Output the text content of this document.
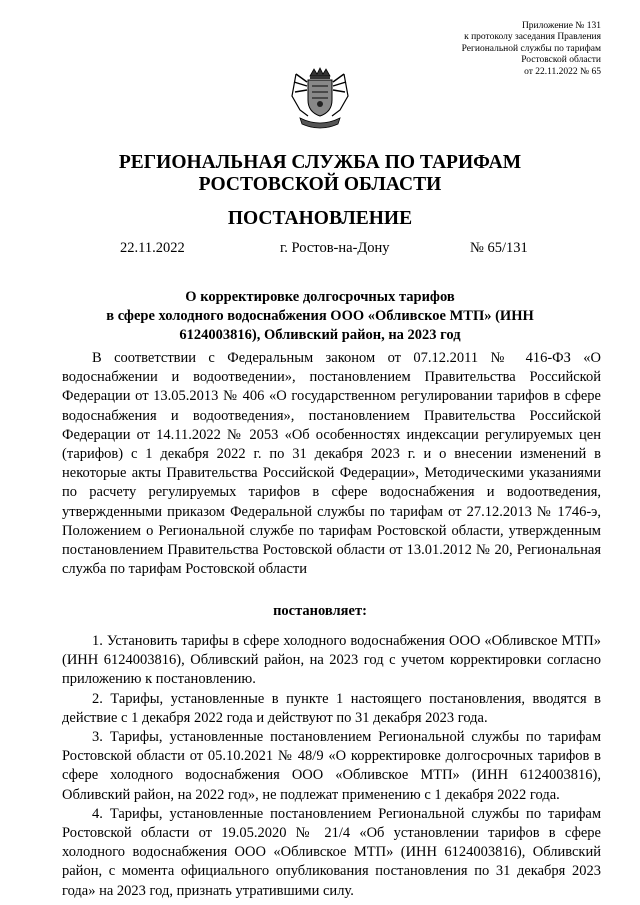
Приложение № 131
к протоколу заседания Правления
Региональной службы по тарифам
Ростовской области
от 22.11.2022 № 65
РЕГИОНАЛЬНАЯ СЛУЖБА ПО ТАРИФАМ
РОСТОВСКОЙ ОБЛАСТИ
ПОСТАНОВЛЕНИЕ
22.11.2022	г. Ростов-на-Дону	№ 65/131
О корректировке долгосрочных тарифов
в сфере холодного водоснабжения ООО «Обливское МТП» (ИНН
6124003816), Обливский район, на 2023 год
В соответствии с Федеральным законом от 07.12.2011 № 416-ФЗ «О водоснабжении и водоотведении», постановлением Правительства Российской Федерации от 13.05.2013 № 406 «О государственном регулировании тарифов в сфере водоснабжения и водоотведения», постановлением Правительства Российской Федерации от 14.11.2022 № 2053 «Об особенностях индексации регулируемых цен (тарифов) с 1 декабря 2022 г. по 31 декабря 2023 г. и о внесении изменений в некоторые акты Правительства Российской Федерации», Методическими указаниями по расчету регулируемых тарифов в сфере водоснабжения и водоотведения, утвержденными приказом Федеральной службы по тарифам от 27.12.2013 № 1746-э, Положением о Региональной службе по тарифам Ростовской области, утвержденным постановлением Правительства Ростовской области от 13.01.2012 № 20, Региональная служба по тарифам Ростовской области
постановляет:

1. Установить тарифы в сфере холодного водоснабжения ООО «Обливское МТП» (ИНН 6124003816), Обливский район, на 2023 год с учетом корректировки согласно приложению к постановлению.

2. Тарифы, установленные в пункте 1 настоящего постановления, вводятся в действие с 1 декабря 2022 года и действуют по 31 декабря 2023 года.

3. Тарифы, установленные постановлением Региональной службы по тарифам Ростовской области от 05.10.2021 № 48/9 «О корректировке долгосрочных тарифов в сфере холодного водоснабжения ООО «Обливское МТП» (ИНН 6124003816), Обливский район, на 2022 год», не подлежат применению с 1 декабря 2022 года.

4. Тарифы, установленные постановлением Региональной службы по тарифам Ростовской области от 19.05.2020 № 21/4 «Об установлении тарифов в сфере холодного водоснабжения ООО «Обливское МТП» (ИНН 6124003816), Обливский район, с момента официального опубликования постановления по 31 декабря 2023 года» на 2023 год, признать утратившими силу.
